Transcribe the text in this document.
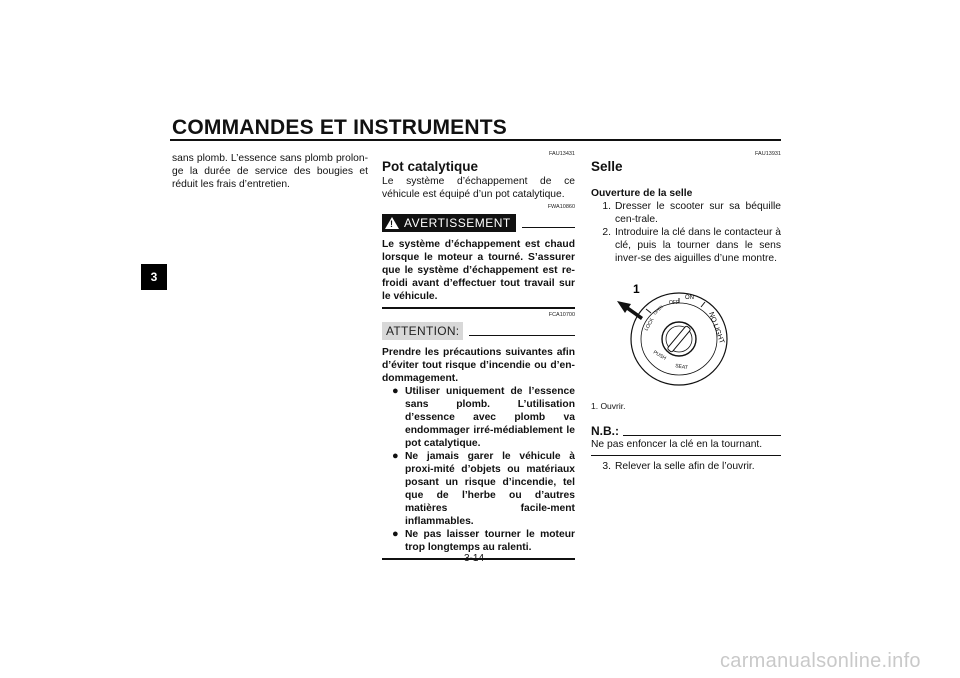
COMMANDES ET INSTRUMENTS
3
sans plomb. L’essence sans plomb prolon-ge la durée de service des bougies et réduit les frais d’entretien.
FAU13431
Pot catalytique
Le système d’échappement de ce véhicule est équipé d’un pot catalytique.
FWA10860
! AVERTISSEMENT
Le système d’échappement est chaud lorsque le moteur a tourné. S’assurer que le système d’échappement est re-froidi avant d’effectuer tout travail sur le véhicule.
FCA10700
ATTENTION:
Prendre les précautions suivantes afin d’éviter tout risque d’incendie ou d’en-dommagement.
● Utiliser uniquement de l’essence sans plomb. L’utilisation d’essence avec plomb va endommager irré-médiablement le pot catalytique.
● Ne jamais garer le véhicule à proxi-mité d’objets ou matériaux posant un risque d’incendie, tel que de l’herbe ou d’autres matières facile-ment inflammables.
● Ne pas laisser tourner le moteur trop longtemps au ralenti.
FAU13931
Selle
Ouverture de la selle
1. Dresser le scooter sur sa béquille cen-trale.
2. Introduire la clé dans le contacteur à clé, puis la tourner dans le sens inver-se des aiguilles d’une montre.
ON
OFF
LOCK
OPEN
PUSH
SEAT
NO LIGHT
1
1. Ouvrir.
N.B.:
Ne pas enfoncer la clé en la tournant.
3. Relever la selle afin de l’ouvrir.
3-14
carmanualsonline.info
